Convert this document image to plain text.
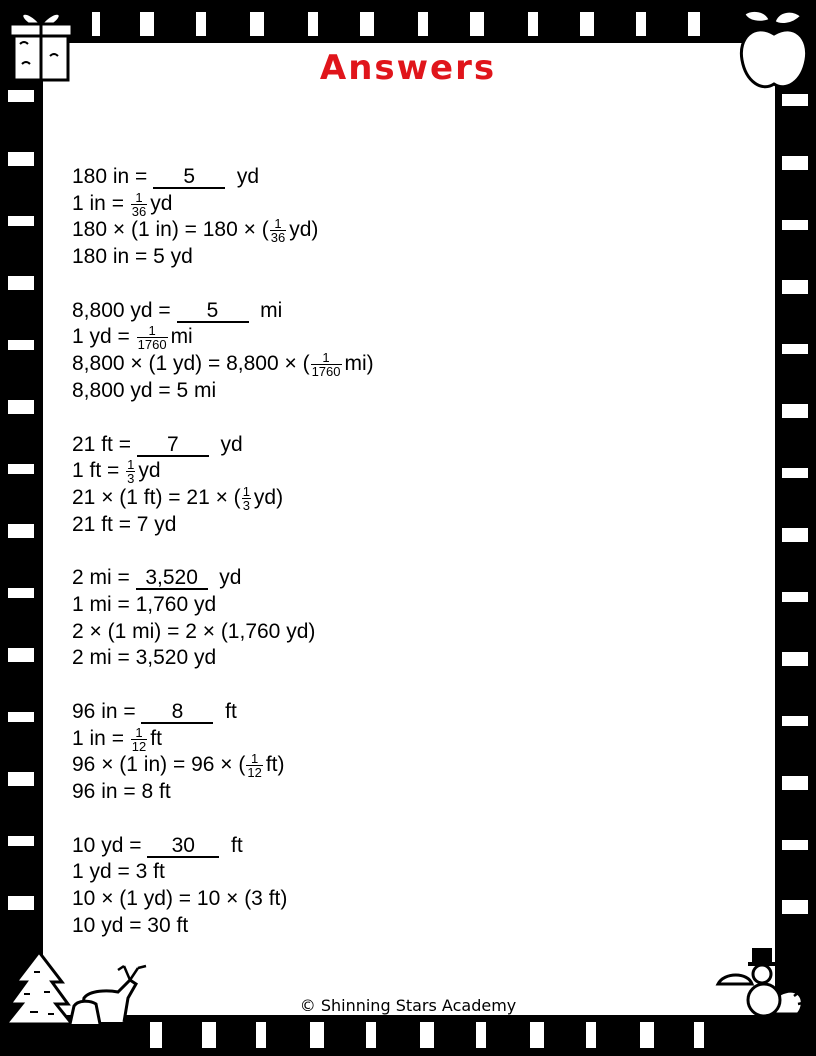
Answers
180 in = 5 yd
1 in = $\frac{1}{36}$ yd
180 × (1 in) = 180 × ( $\frac{1}{36} yd$)
180 in = 5 yd
8,800 yd = 5 mi
1 yd = $\frac{1}{1760}$ mi
8,800 × (1 yd) = 8,800 × ( $\frac{1}{1760} mi$)
8,800 yd = 5 mi
21 ft = 7 yd
1 ft = $\frac{1}{3}$ yd
21 × (1 ft) = 21 × ( $\frac{1}{3} yd$)
21 ft = 7 yd
2 mi = 3,520 yd
1 mi = 1,760 yd
2 × (1 mi) = 2 × (1,760 yd)
2 mi = 3,520 yd
96 in = 8 ft
1 in = $\frac{1}{12}$ ft
96 × (1 in) = 96 × ( $\frac{1}{12} ft$)
96 in = 8 ft
10 yd = 30 ft
1 yd = 3 ft
10 × (1 yd) = 10 × (3 ft)
10 yd = 30 ft
© Shinning Stars Academy
